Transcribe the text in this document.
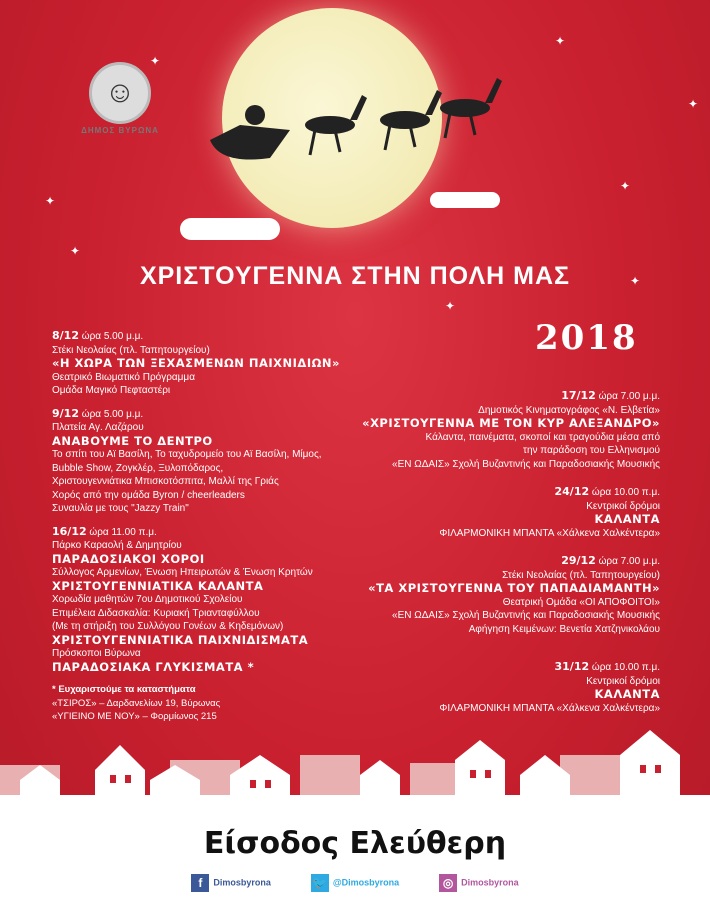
✦
✦
✦
✦
✦
✦
✦
✦
☺
ΔΗΜΟΣ ΒΥΡΩΝΑ
ΧΡΙΣΤΟΥΓΕΝΝΑ ΣΤΗΝ ΠΟΛΗ ΜΑΣ
2018
8/12 ώρα 5.00 μ.μ.
Στέκι Νεολαίας (πλ. Ταπητουργείου)
«Η ΧΩΡΑ ΤΩΝ ΞΕΧΑΣΜΕΝΩΝ ΠΑΙΧΝΙΔΙΩΝ»
Θεατρικό Βιωματικό Πρόγραμμα
Ομάδα Μαγικό Πεφταστέρι
9/12 ώρα 5.00 μ.μ.
Πλατεία Αγ. Λαζάρου
ΑΝΑΒΟΥΜΕ ΤΟ ΔΕΝΤΡΟ
Το σπίτι του Αϊ Βασίλη, Το ταχυδρομείο του Αϊ Βασίλη, Μίμος,
Bubble Show, Ζογκλέρ, Ξυλοπόδαρος,
Χριστουγεννιάτικα Μπισκοτόσπιτα, Μαλλί της Γριάς
Χορός από την ομάδα Byron / cheerleaders
Συναυλία με τους "Jazzy Train"
16/12 ώρα 11.00 π.μ.
Πάρκο Καραολή & Δημητρίου
ΠΑΡΑΔΟΣΙΑΚΟΙ ΧΟΡΟΙ
Σύλλογος Αρμενίων, Ένωση Ηπειρωτών & Ένωση Κρητών
ΧΡΙΣΤΟΥΓΕΝΝΙΑΤΙΚΑ ΚΑΛΑΝΤΑ
Χορωδία μαθητών 7ου Δημοτικού Σχολείου
Επιμέλεια Διδασκαλία: Κυριακή Τριανταφύλλου
(Με τη στήριξη του Συλλόγου Γονέων & Κηδεμόνων)
ΧΡΙΣΤΟΥΓΕΝΝΙΑΤΙΚΑ ΠΑΙΧΝΙΔΙΣΜΑΤΑ
Πρόσκοποι Βύρωνα
ΠΑΡΑΔΟΣΙΑΚΑ ΓΛΥΚΙΣΜΑΤΑ *
* Ευχαριστούμε τα καταστήματα
«ΤΣΙΡΟΣ» – Δαρδανελίων 19, Βύρωνας
«ΥΓΙΕΙΝΟ ΜΕ ΝΟΥ» – Φορμίωνος 215
17/12 ώρα 7.00 μ.μ.
Δημοτικός Κινηματογράφος «Ν. Ελβετία»
«ΧΡΙΣΤΟΥΓΕΝΝΑ ΜΕ ΤΟΝ ΚΥΡ ΑΛΕΞΑΝΔΡΟ»
Κάλαντα, παινέματα, σκοποί και τραγούδια μέσα από
την παράδοση του Ελληνισμού
«ΕΝ ΩΔΑΙΣ» Σχολή Βυζαντινής και Παραδοσιακής Μουσικής
24/12 ώρα 10.00 π.μ.
Κεντρικοί δρόμοι
ΚΑΛΑΝΤΑ
ΦΙΛΑΡΜΟΝΙΚΗ ΜΠΑΝΤΑ «Χάλκενα Χαλκέντερα»
29/12 ώρα 7.00 μ.μ.
Στέκι Νεολαίας (πλ. Ταπητουργείου)
«ΤΑ ΧΡΙΣΤΟΥΓΕΝΝΑ ΤΟΥ ΠΑΠΑΔΙΑΜΑΝΤΗ»
Θεατρική Ομάδα «ΟΙ ΑΠΟΦΟΙΤΟΙ»
«ΕΝ ΩΔΑΙΣ» Σχολή Βυζαντινής και Παραδοσιακής Μουσικής
Αφήγηση Κειμένων: Βενετία Χατζηνικολάου
31/12 ώρα 10.00 π.μ.
Κεντρικοί δρόμοι
ΚΑΛΑΝΤΑ
ΦΙΛΑΡΜΟΝΙΚΗ ΜΠΑΝΤΑ «Χάλκενα Χαλκέντερα»
Είσοδος Ελεύθερη
f Dimosbyrona	🐦 @Dimosbyrona	◎ Dimosbyrona
